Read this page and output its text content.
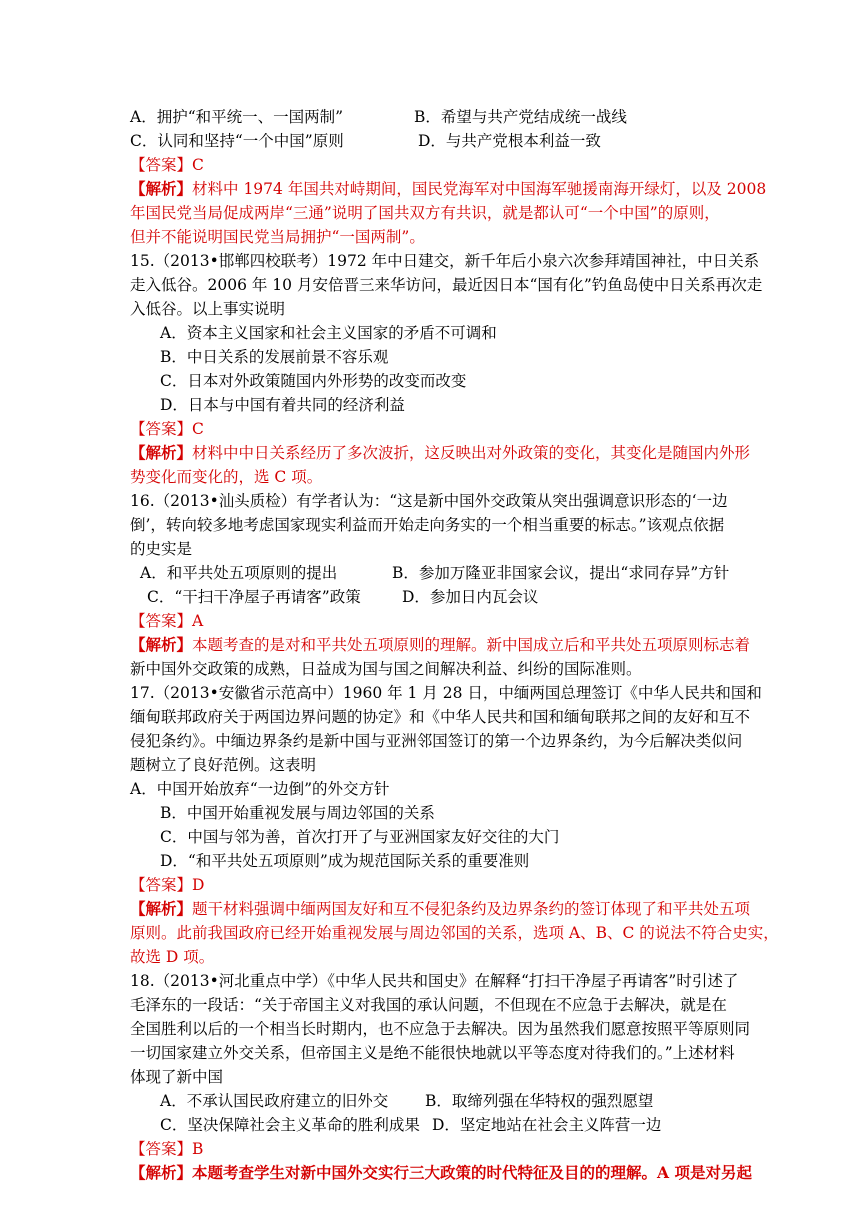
A．拥护“和平统一、一国两制”	B．希望与共产党结成统一战线
C．认同和坚持“一个中国”原则	D．与共产党根本利益一致
【答案】C
【解析】材料中 1974 年国共对峙期间，国民党海军对中国海军驰援南海开绿灯，以及 2008
年国民党当局促成两岸“三通”说明了国共双方有共识，就是都认可“一个中国”的原则，
但并不能说明国民党当局拥护“一国两制”。
15.（2013•邯郸四校联考）1972 年中日建交，新千年后小泉六次参拜靖国神社，中日关系
走入低谷。2006 年 10 月安倍晋三来华访问，最近因日本“国有化”钓鱼岛使中日关系再次走
入低谷。以上事实说明
A．资本主义国家和社会主义国家的矛盾不可调和
B．中日关系的发展前景不容乐观
C．日本对外政策随国内外形势的改变而改变
D．日本与中国有着共同的经济利益
【答案】C
【解析】材料中中日关系经历了多次波折，这反映出对外政策的变化，其变化是随国内外形
势变化而变化的，选 C 项。
16.（2013•汕头质检）有学者认为：“这是新中国外交政策从突出强调意识形态的‘一边
倒’，转向较多地考虑国家现实利益而开始走向务实的一个相当重要的标志。”该观点依据
的史实是
A．和平共处五项原则的提出	B．参加万隆亚非国家会议，提出“求同存异”方针
C．“干扫干净屋子再请客”政策	D．参加日内瓦会议
【答案】A
【解析】本题考查的是对和平共处五项原则的理解。新中国成立后和平共处五项原则标志着
新中国外交政策的成熟，日益成为国与国之间解决利益、纠纷的国际准则。
17.（2013•安徽省示范高中）1960 年 1 月 28 日，中缅两国总理签订《中华人民共和国和
缅甸联邦政府关于两国边界问题的协定》和《中华人民共和国和缅甸联邦之间的友好和互不
侵犯条约》。中缅边界条约是新中国与亚洲邻国签订的第一个边界条约，为今后解决类似问
题树立了良好范例。这表明
A．中国开始放弃“一边倒”的外交方针
B．中国开始重视发展与周边邻国的关系
C．中国与邻为善，首次打开了与亚洲国家友好交往的大门
D．“和平共处五项原则”成为规范国际关系的重要准则
【答案】D
【解析】题干材料强调中缅两国友好和互不侵犯条约及边界条约的签订体现了和平共处五项
原则。此前我国政府已经开始重视发展与周边邻国的关系，选项 A、B、C 的说法不符合史实，
故选 D 项。
18.（2013•河北重点中学）《中华人民共和国史》在解释“打扫干净屋子再请客”时引述了
毛泽东的一段话：“关于帝国主义对我国的承认问题，不但现在不应急于去解决，就是在
全国胜利以后的一个相当长时期内，也不应急于去解决。因为虽然我们愿意按照平等原则同
一切国家建立外交关系，但帝国主义是绝不能很快地就以平等态度对待我们的。”上述材料
体现了新中国
A．不承认国民政府建立的旧外交 B．取缔列强在华特权的强烈愿望
C．坚决保障社会主义革命的胜利成果 D．坚定地站在社会主义阵营一边
【答案】B
【解析】本题考查学生对新中国外交实行三大政策的时代特征及目的的理解。A 项是对另起
